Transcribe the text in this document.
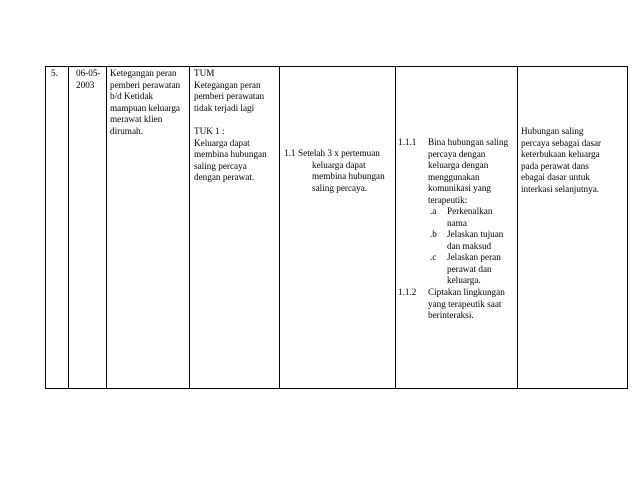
5. 06-05-
2003
Ketegangan peran
pemberi perawatan
b/d Ketidak
mampuan keluarga
merawat klien
dirumah.
TUM
Ketegangan peran
pemberi perawatan
tidak terjadi lagi
TUK 1 :
Keluarga dapat
membina hubungan
saling percaya
dengan perawat.
1.1 Setelah 3 x pertemuan
keluarga dapat
membina hubungan
saling percaya.
1.1.1 Bina hubungan saling
percaya dengan
keluarga dengan
menggunakan
komunikasi yang
terapeutik:
.a Perkenalkan
nama
.b Jelaskan tujuan
dan maksud
.c Jelaskan peran
perawat dan
keluarga.
1.1.2 Ciptakan lingkungan
yang terapeutik saat
berinteraksi.
Hubungan saling
percaya sebagai dasar
keterbukaan keluarga
pada perawat dans
ebagai dasar untuk
interkasi selanjutnya.
